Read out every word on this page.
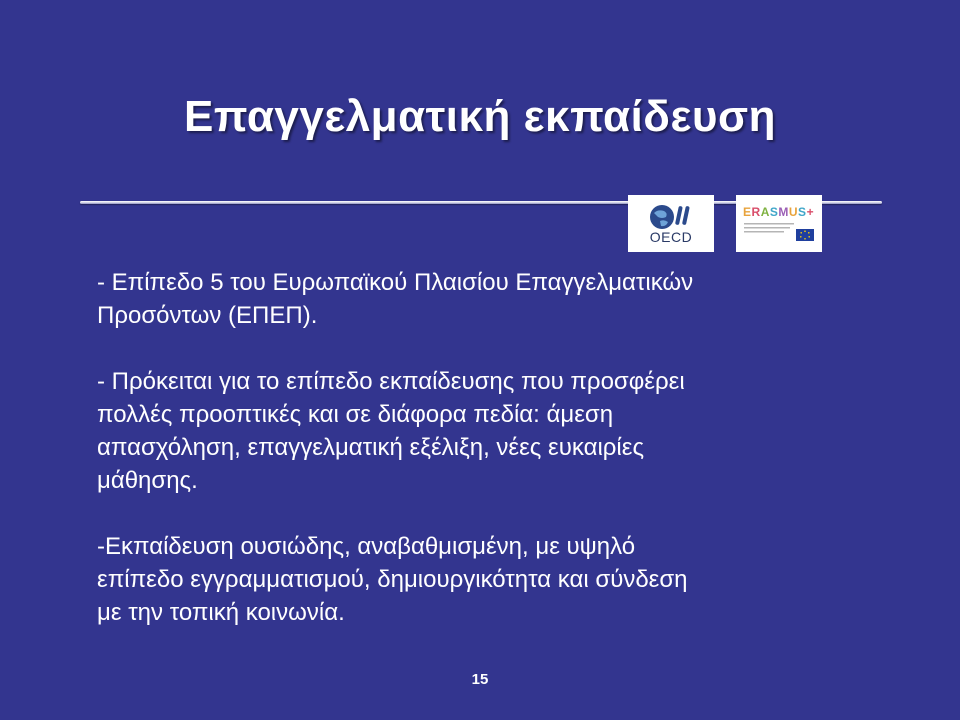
Επαγγελματική εκπαίδευση
OECD
ERASMUS+

- Επίπεδο 5 του Ευρωπαϊκού Πλαισίου Επαγγελματικών
Προσόντων (ΕΠΕΠ).

- Πρόκειται για το επίπεδο εκπαίδευσης που προσφέρει
πολλές προοπτικές και σε διάφορα πεδία: άμεση
απασχόληση, επαγγελματική εξέλιξη, νέες ευκαιρίες
μάθησης.

-Εκπαίδευση ουσιώδης, αναβαθμισμένη, με υψηλό
επίπεδο εγγραμματισμού, δημιουργικότητα και σύνδεση
με την τοπική κοινωνία.

15
